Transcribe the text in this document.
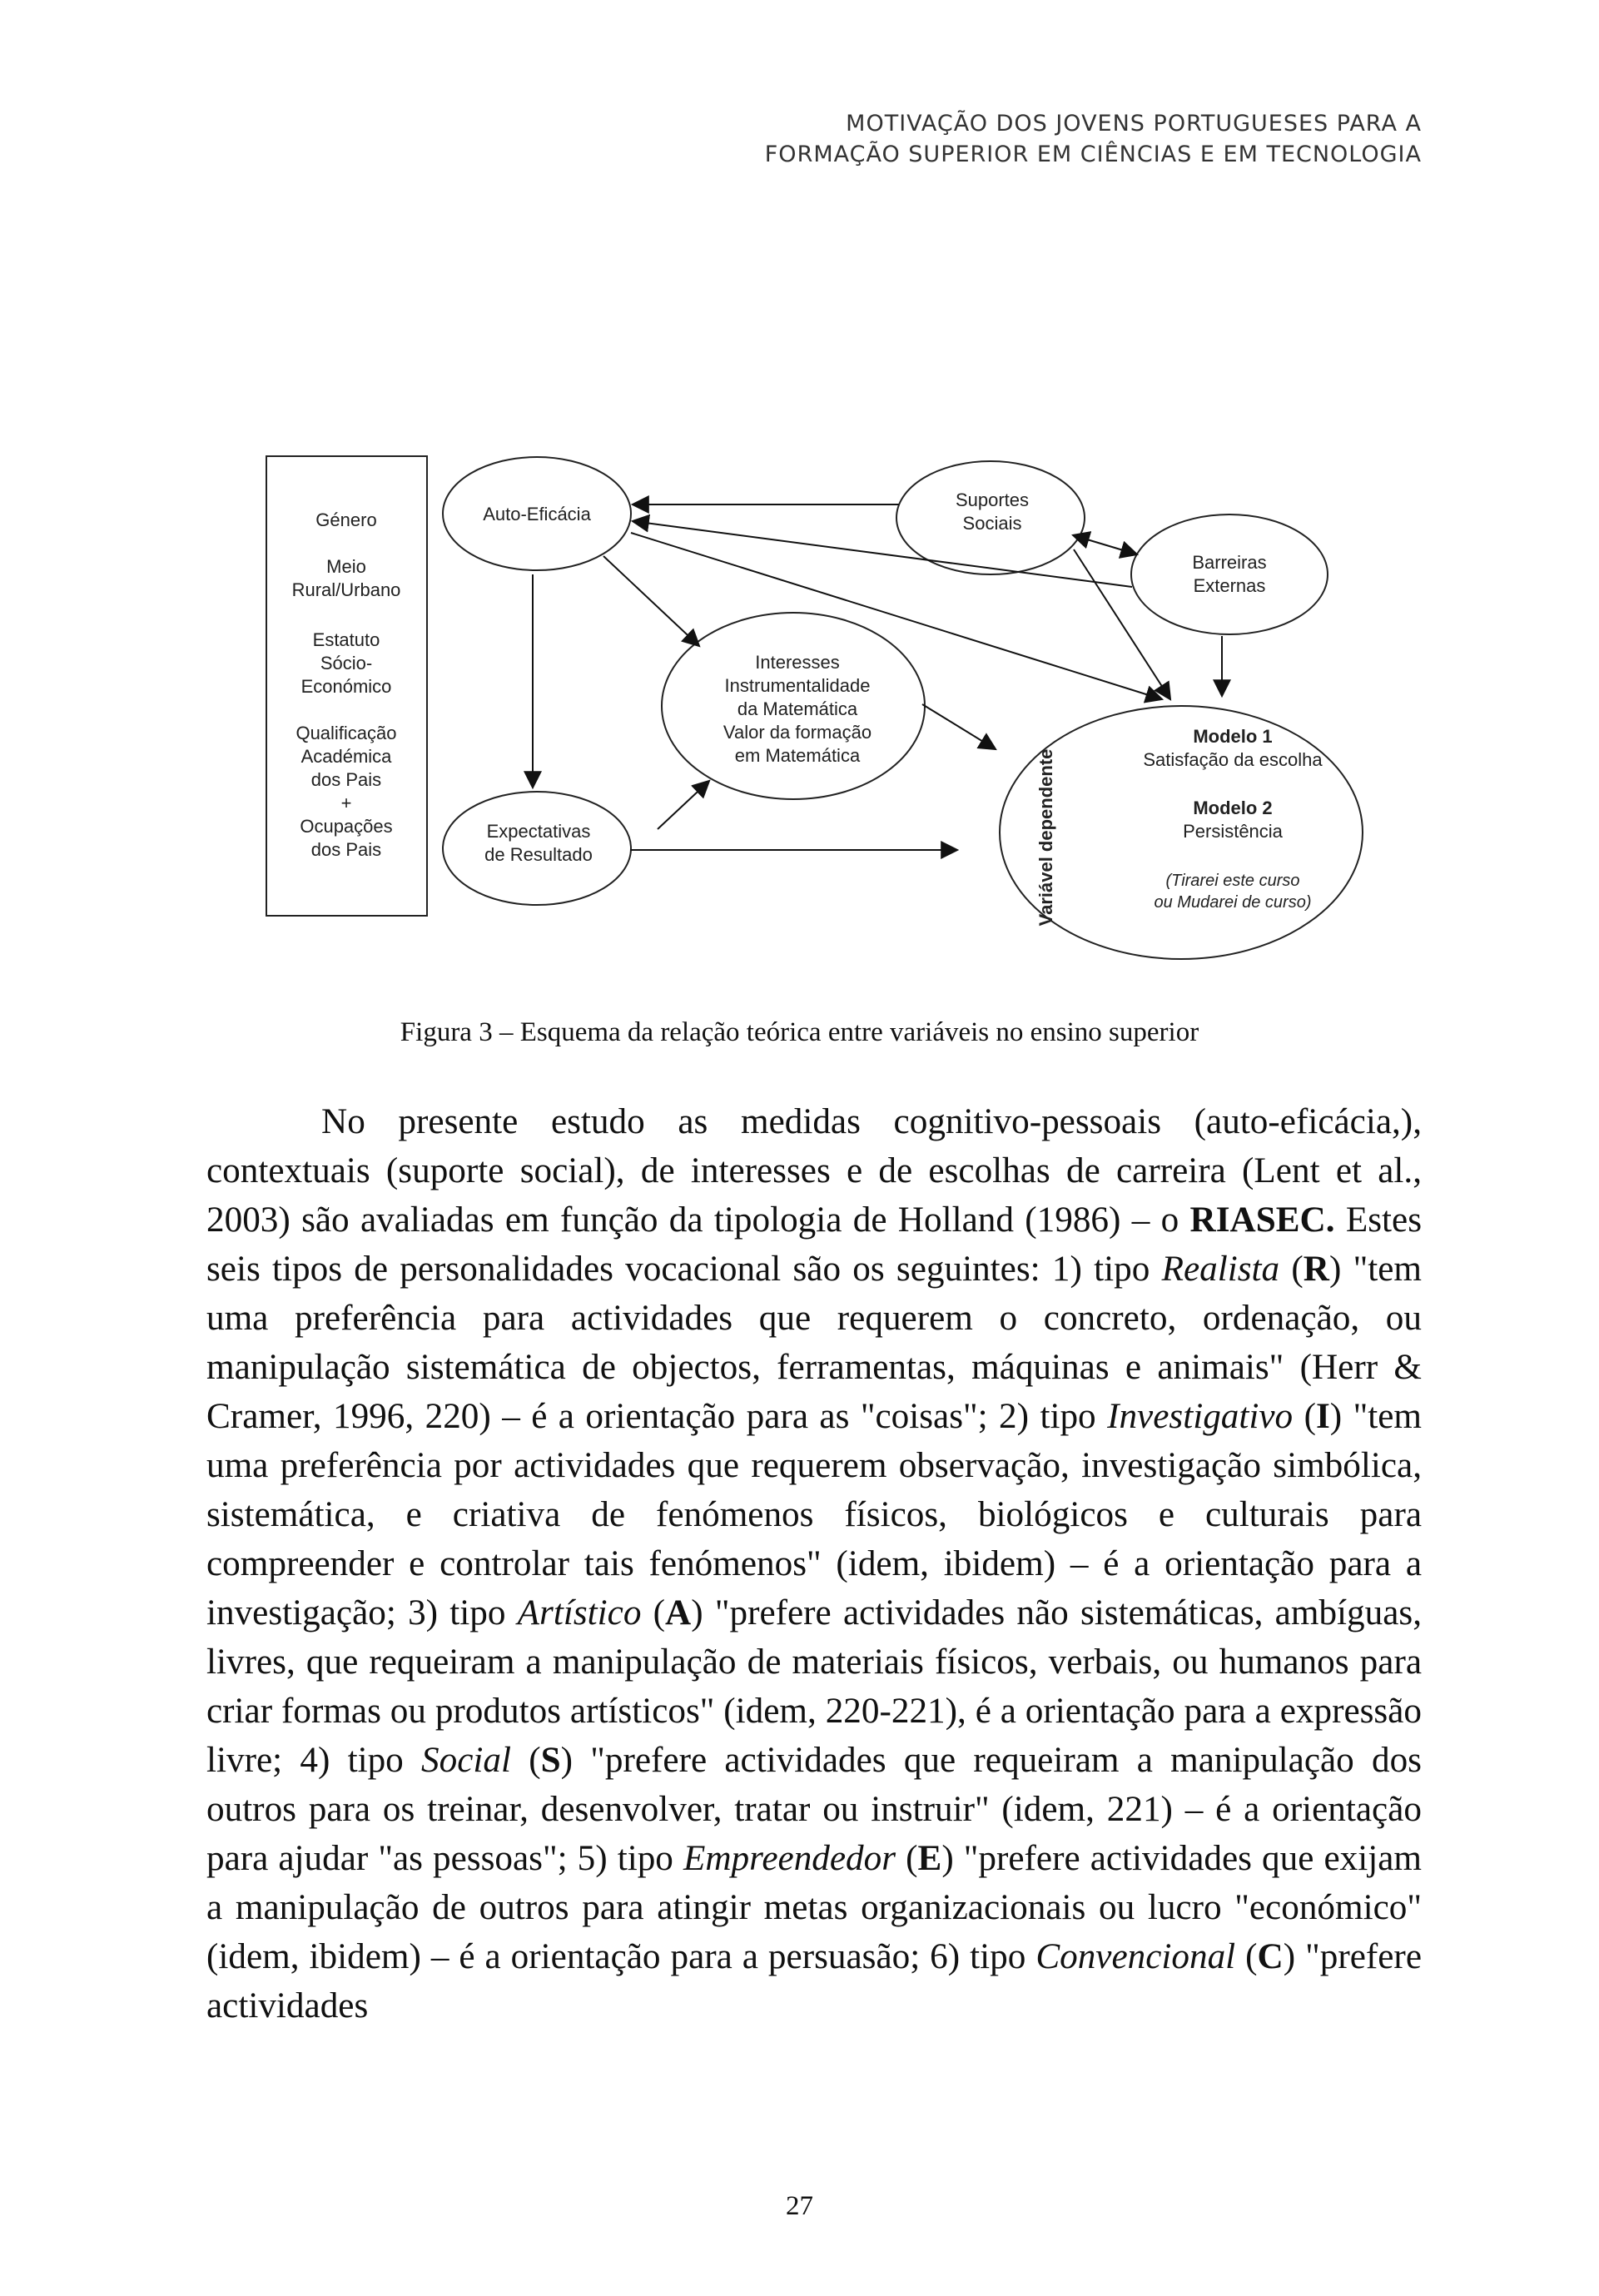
MOTIVAÇÃO DOS JOVENS PORTUGUESES PARA A
FORMAÇÃO SUPERIOR EM CIÊNCIAS E EM TECNOLOGIA
Género
Meio
Rural/Urbano
Estatuto
Sócio-
Económico
Qualificação
Académica
dos Pais
+
Ocupações
dos Pais
Auto-Eficácia
Expectativas
de Resultado
Interesses
Instrumentalidade
da Matemática
Valor da formação
em Matemática
Suportes
Sociais
Barreiras
Externas
Modelo 1
Satisfação da escolha
Modelo 2
Persistência
(Tirarei este curso
ou Mudarei de curso)
Variável dependente
Figura 3 – Esquema da relação teórica entre variáveis no ensino superior

No presente estudo as medidas cognitivo-pessoais (auto-eficácia,), contextuais (suporte social), de interesses e de escolhas de carreira (Lent et al., 2003) são avaliadas em função da tipologia de Holland (1986) – o RIASEC. Estes seis tipos de personalidades vocacional são os seguintes: 1) tipo Realista (R) "tem uma preferência para actividades que requerem o concreto, ordenação, ou manipulação sistemática de objectos, ferramentas, máquinas e animais" (Herr & Cramer, 1996, 220) – é a orientação para as "coisas"; 2) tipo Investigativo (I) "tem uma preferência por actividades que requerem observação, investigação simbólica, sistemática, e criativa de fenómenos físicos, biológicos e culturais para compreender e controlar tais fenómenos" (idem, ibidem) – é a orientação para a investigação; 3) tipo Artístico (A) "prefere actividades não sistemáticas, ambíguas, livres, que requeiram a manipulação de materiais físicos, verbais, ou humanos para criar formas ou produtos artísticos" (idem, 220-221), é a orientação para a expressão livre; 4) tipo Social (S) "prefere actividades que requeiram a manipulação dos outros para os treinar, desenvolver, tratar ou instruir" (idem, 221) – é a orientação para ajudar "as pessoas"; 5) tipo Empreendedor (E) "prefere actividades que exijam a manipulação de outros para atingir metas organizacionais ou lucro "económico" (idem, ibidem) – é a orientação para a persuasão; 6) tipo Convencional (C) "prefere actividades

27
